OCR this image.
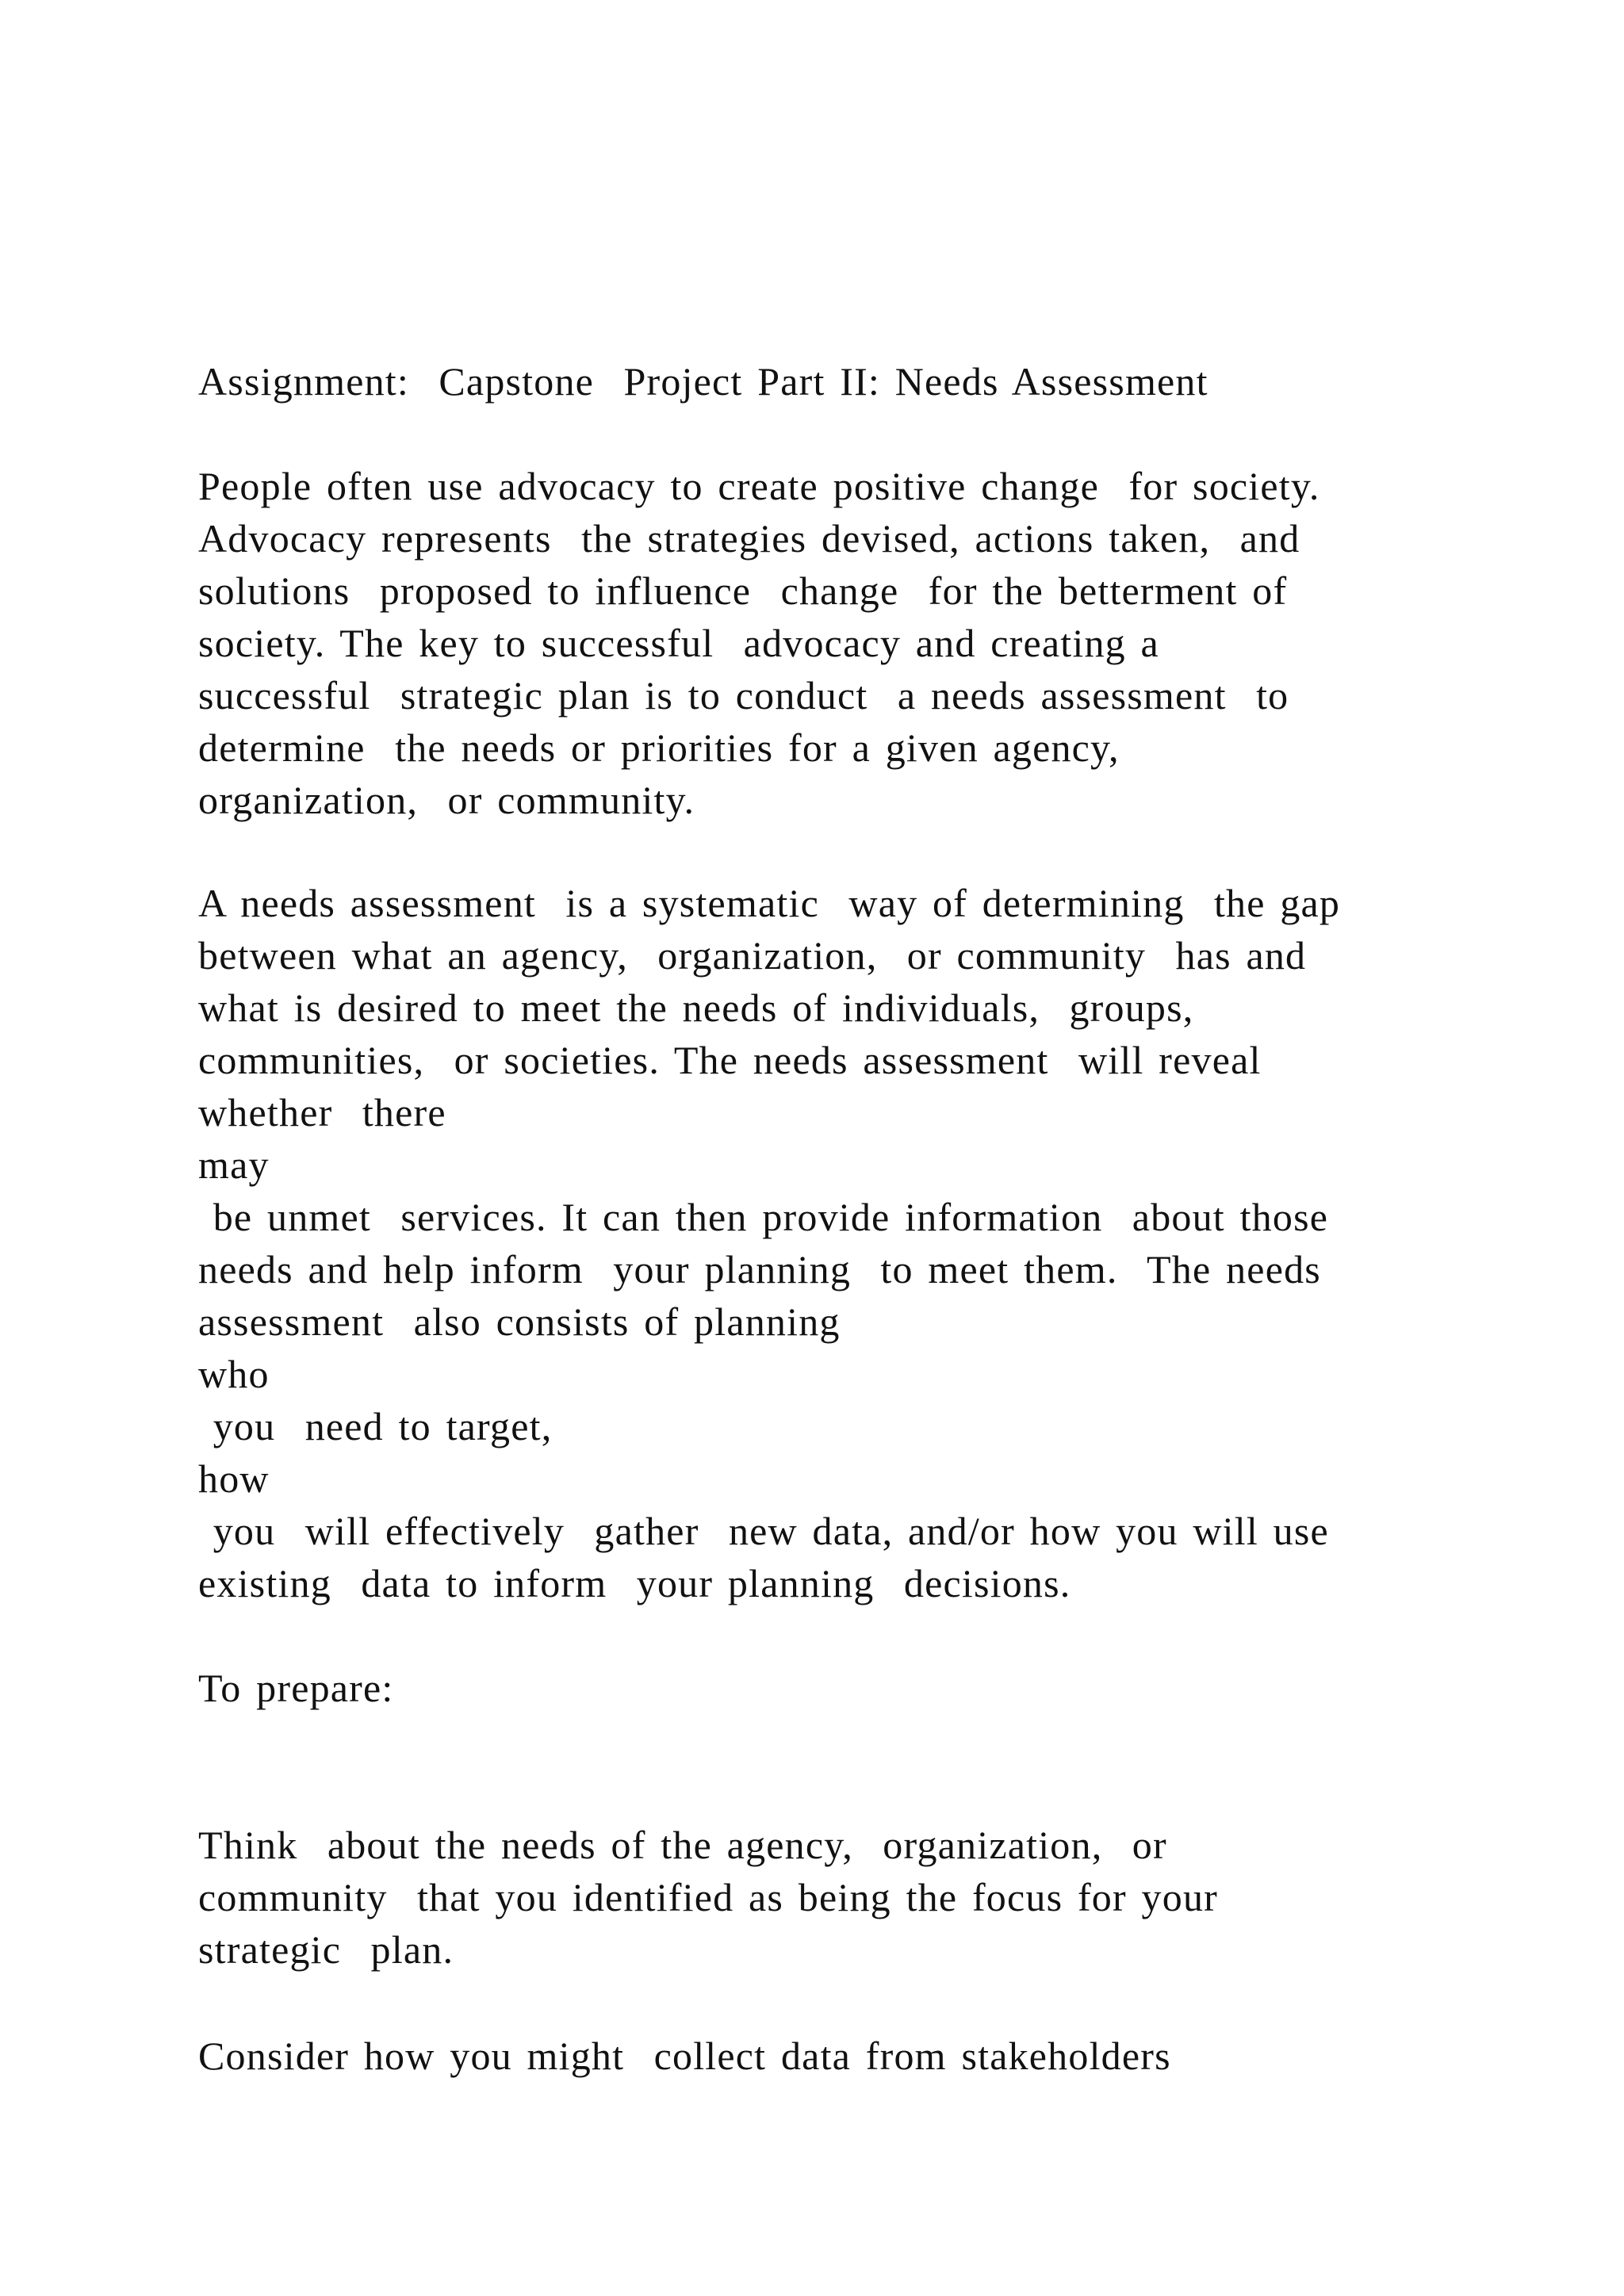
Assignment:  Capstone  Project Part II: Needs Assessment

People often use advocacy to create positive change  for society.

Advocacy represents  the strategies devised, actions taken,  and

solutions  proposed to influence  change  for the betterment of

society. The key to successful  advocacy and creating a

successful  strategic plan is to conduct  a needs assessment  to

determine  the needs or priorities for a given agency,

organization,  or community.

A needs assessment  is a systematic  way of determining  the gap

between what an agency,  organization,  or community  has and

what is desired to meet the needs of individuals,  groups,

communities,  or societies. The needs assessment  will reveal

whether  there

may

be unmet  services. It can then provide information  about those

needs and help inform  your planning  to meet them.  The needs

assessment  also consists of planning

who

you  need to target,

how

you  will effectively  gather  new data, and/or how you will use

existing  data to inform  your planning  decisions.

To prepare:

Think  about the needs of the agency,  organization,  or

community  that you identified as being the focus for your

strategic  plan.

Consider how you might  collect data from stakeholders
